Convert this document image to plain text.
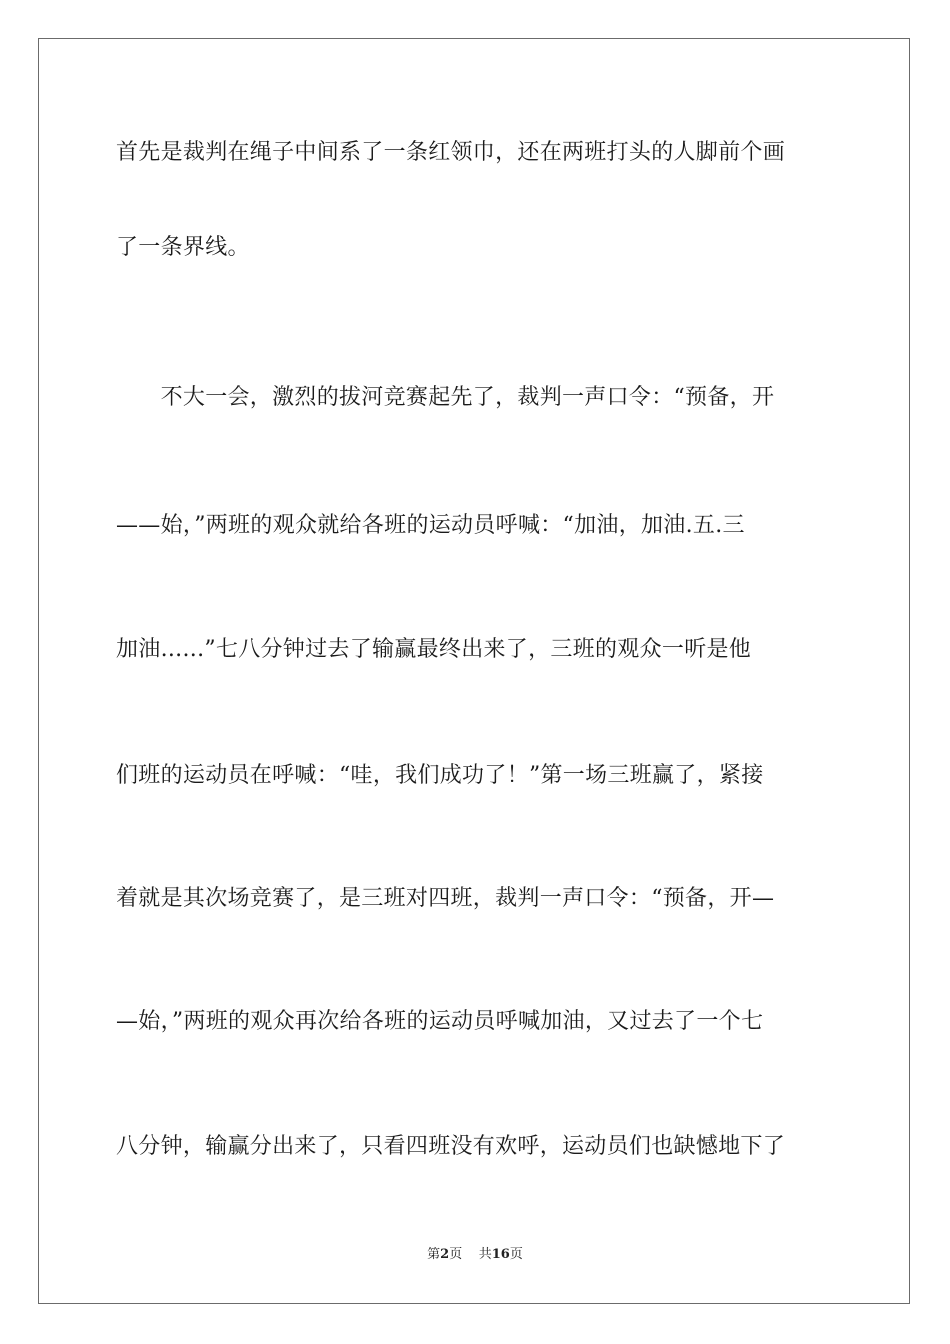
首先是裁判在绳子中间系了一条红领巾，还在两班打头的人脚前个画
了一条界线。
　　不大一会，激烈的拔河竞赛起先了，裁判一声口令：“预备，开
——始，”两班的观众就给各班的运动员呼喊：“加油，加油.五.三
加油......”七八分钟过去了输赢最终出来了，三班的观众一听是他
们班的运动员在呼喊：“哇，我们成功了！”第一场三班赢了，紧接
着就是其次场竞赛了，是三班对四班，裁判一声口令：“预备，开—
—始，”两班的观众再次给各班的运动员呼喊加油，又过去了一个七
八分钟，输赢分出来了，只看四班没有欢呼，运动员们也缺憾地下了
第2页 共16页
